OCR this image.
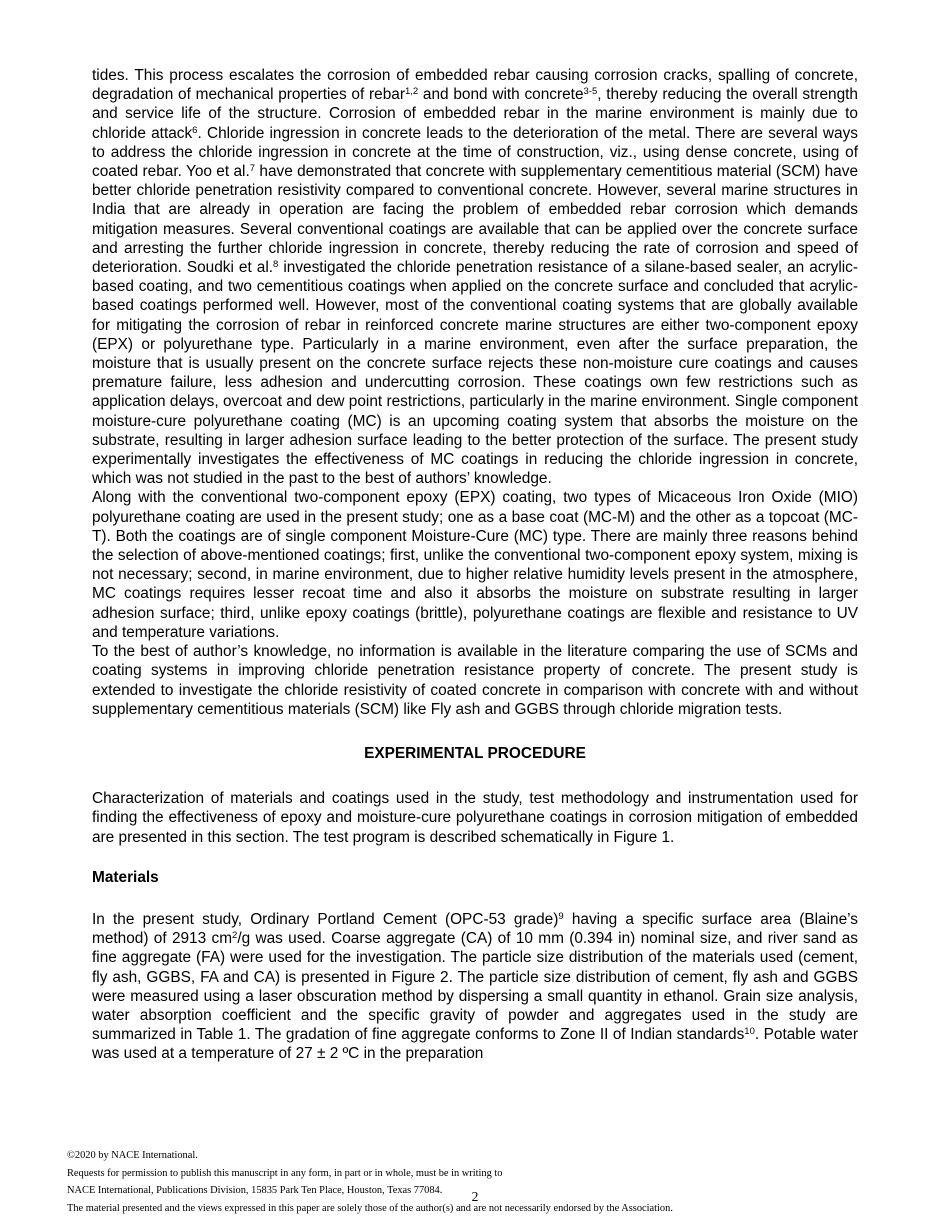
tides. This process escalates the corrosion of embedded rebar causing corrosion cracks, spalling of concrete, degradation of mechanical properties of rebar$^{1,2}$ and bond with concrete$^{3-5}$, thereby reducing the overall strength and service life of the structure. Corrosion of embedded rebar in the marine environment is mainly due to chloride attack$^6$. Chloride ingression in concrete leads to the deterioration of the metal. There are several ways to address the chloride ingression in concrete at the time of construction, viz., using dense concrete, using of coated rebar. Yoo et al.$^7$ have demonstrated that concrete with supplementary cementitious material (SCM) have better chloride penetration resistivity compared to conventional concrete. However, several marine structures in India that are already in operation are facing the problem of embedded rebar corrosion which demands mitigation measures. Several conventional coatings are available that can be applied over the concrete surface and arresting the further chloride ingression in concrete, thereby reducing the rate of corrosion and speed of deterioration. Soudki et al.$^8$ investigated the chloride penetration resistance of a silane-based sealer, an acrylic-based coating, and two cementitious coatings when applied on the concrete surface and concluded that acrylic-based coatings performed well. However, most of the conventional coating systems that are globally available for mitigating the corrosion of rebar in reinforced concrete marine structures are either two-component epoxy (EPX) or polyurethane type. Particularly in a marine environment, even after the surface preparation, the moisture that is usually present on the concrete surface rejects these non-moisture cure coatings and causes premature failure, less adhesion and undercutting corrosion. These coatings own few restrictions such as application delays, overcoat and dew point restrictions, particularly in the marine environment. Single component moisture-cure polyurethane coating (MC) is an upcoming coating system that absorbs the moisture on the substrate, resulting in larger adhesion surface leading to the better protection of the surface. The present study experimentally investigates the effectiveness of MC coatings in reducing the chloride ingression in concrete, which was not studied in the past to the best of authors’ knowledge.

Along with the conventional two-component epoxy (EPX) coating, two types of Micaceous Iron Oxide (MIO) polyurethane coating are used in the present study; one as a base coat (MC-M) and the other as a topcoat (MC-T). Both the coatings are of single component Moisture-Cure (MC) type. There are mainly three reasons behind the selection of above-mentioned coatings; first, unlike the conventional two-component epoxy system, mixing is not necessary; second, in marine environment, due to higher relative humidity levels present in the atmosphere, MC coatings requires lesser recoat time and also it absorbs the moisture on substrate resulting in larger adhesion surface; third, unlike epoxy coatings (brittle), polyurethane coatings are flexible and resistance to UV and temperature variations.

To the best of author’s knowledge, no information is available in the literature comparing the use of SCMs and coating systems in improving chloride penetration resistance property of concrete. The present study is extended to investigate the chloride resistivity of coated concrete in comparison with concrete with and without supplementary cementitious materials (SCM) like Fly ash and GGBS through chloride migration tests.

EXPERIMENTAL PROCEDURE

Characterization of materials and coatings used in the study, test methodology and instrumentation used for finding the effectiveness of epoxy and moisture-cure polyurethane coatings in corrosion mitigation of embedded are presented in this section. The test program is described schematically in Figure 1.

Materials

In the present study, Ordinary Portland Cement (OPC-53 grade)$^9$ having a specific surface area (Blaine’s method) of 2913 $cm^2/g$ was used. Coarse aggregate (CA) of 10 mm (0.394 in) nominal size, and river sand as fine aggregate (FA) were used for the investigation. The particle size distribution of the materials used (cement, fly ash, GGBS, FA and CA) is presented in Figure 2. The particle size distribution of cement, fly ash and GGBS were measured using a laser obscuration method by dispersing a small quantity in ethanol. Grain size analysis, water absorption coefficient and the specific gravity of powder and aggregates used in the study are summarized in Table 1. The gradation of fine aggregate conforms to Zone II of Indian standards$^{10}$. Potable water was used at a temperature of 27 ± 2 ºC in the preparation

©2020 by NACE International.
Requests for permission to publish this manuscript in any form, in part or in whole, must be in writing to
NACE International, Publications Division, 15835 Park Ten Place, Houston, Texas 77084.
The material presented and the views expressed in this paper are solely those of the author(s) and are not necessarily endorsed by the Association.
2
